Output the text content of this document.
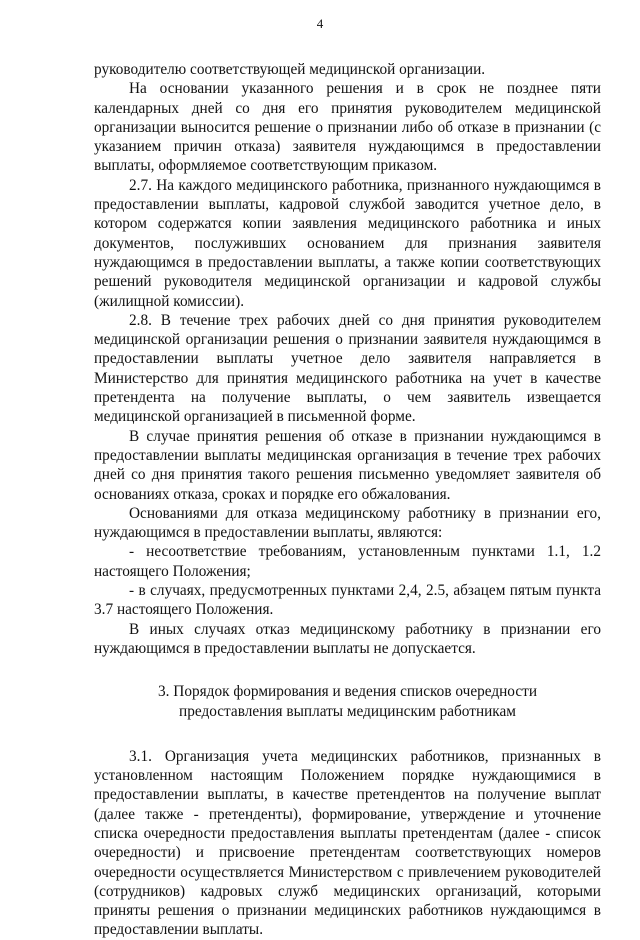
4

руководителю соответствующей медицинской организации.

На основании указанного решения и в срок не позднее пяти календарных дней со дня его принятия руководителем медицинской организации выносится решение о признании либо об отказе в признании (с указанием причин отказа) заявителя нуждающимся в предоставлении выплаты, оформляемое соответствующим приказом.

2.7. На каждого медицинского работника, признанного нуждающимся в предоставлении выплаты, кадровой службой заводится учетное дело, в котором содержатся копии заявления медицинского работника и иных документов, послуживших основанием для признания заявителя нуждающимся в предоставлении выплаты, а также копии соответствующих решений руководителя медицинской организации и кадровой службы (жилищной комиссии).

2.8. В течение трех рабочих дней со дня принятия руководителем медицинской организации решения о признании заявителя нуждающимся в предоставлении выплаты учетное дело заявителя направляется в Министерство для принятия медицинского работника на учет в качестве претендента на получение выплаты, о чем заявитель извещается медицинской организацией в письменной форме.

В случае принятия решения об отказе в признании нуждающимся в предоставлении выплаты медицинская организация в течение трех рабочих дней со дня принятия такого решения письменно уведомляет заявителя об основаниях отказа, сроках и порядке его обжалования.

Основаниями для отказа медицинскому работнику в признании его, нуждающимся в предоставлении выплаты, являются:

- несоответствие требованиям, установленным пунктами 1.1, 1.2 настоящего Положения;

- в случаях, предусмотренных пунктами 2,4, 2.5, абзацем пятым пункта 3.7 настоящего Положения.

В иных случаях отказ медицинскому работнику в признании его нуждающимся в предоставлении выплаты не допускается.

3. Порядок формирования и ведения списков очередности
предоставления выплаты медицинским работникам

3.1. Организация учета медицинских работников, признанных в установленном настоящим Положением порядке нуждающимися в предоставлении выплаты, в качестве претендентов на получение выплат (далее также - претенденты), формирование, утверждение и уточнение списка очередности предоставления выплаты претендентам (далее - список очередности) и присвоение претендентам соответствующих номеров очередности осуществляется Министерством с привлечением руководителей (сотрудников) кадровых служб медицинских организаций, которыми приняты решения о признании медицинских работников нуждающимся в предоставлении выплаты.
